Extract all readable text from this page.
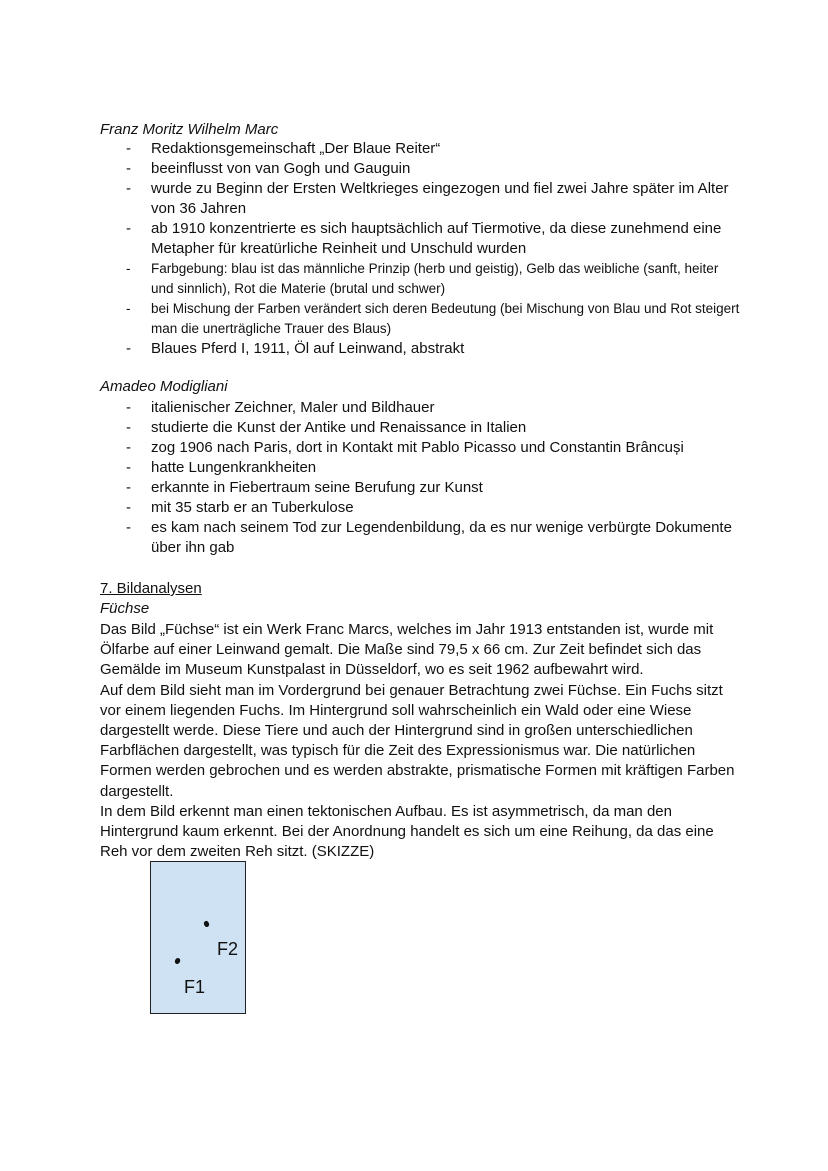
Franz Moritz Wilhelm Marc
- Redaktionsgemeinschaft „Der Blaue Reiter“
- beeinflusst von van Gogh und Gauguin
- wurde zu Beginn der Ersten Weltkrieges eingezogen und fiel zwei Jahre später im Alter von 36 Jahren
- ab 1910 konzentrierte es sich hauptsächlich auf Tiermotive, da diese zunehmend eine Metapher für kreatürliche Reinheit und Unschuld wurden
- Farbgebung: blau ist das männliche Prinzip (herb und geistig), Gelb das weibliche (sanft, heiter und sinnlich), Rot die Materie (brutal und schwer)
- bei Mischung der Farben verändert sich deren Bedeutung (bei Mischung von Blau und Rot steigert man die unerträgliche Trauer des Blaus)
- Blaues Pferd I, 1911, Öl auf Leinwand, abstrakt
Amadeo Modigliani
- italienischer Zeichner, Maler und Bildhauer
- studierte die Kunst der Antike und Renaissance in Italien
- zog 1906 nach Paris, dort in Kontakt mit Pablo Picasso und Constantin Brâncuși
- hatte Lungenkrankheiten
- erkannte in Fiebertraum seine Berufung zur Kunst
- mit 35 starb er an Tuberkulose
- es kam nach seinem Tod zur Legendenbildung, da es nur wenige verbürgte Dokumente über ihn gab
7. Bildanalysen
Füchse

Das Bild „Füchse“ ist ein Werk Franc Marcs, welches im Jahr 1913 entstanden ist, wurde mit Ölfarbe auf einer Leinwand gemalt. Die Maße sind 79,5 x 66 cm. Zur Zeit befindet sich das Gemälde im Museum Kunstpalast in Düsseldorf, wo es seit 1962 aufbewahrt wird.

Auf dem Bild sieht man im Vordergrund bei genauer Betrachtung zwei Füchse. Ein Fuchs sitzt vor einem liegenden Fuchs. Im Hintergrund soll wahrscheinlich ein Wald oder eine Wiese dargestellt werde. Diese Tiere und auch der Hintergrund sind in großen unterschiedlichen Farbflächen dargestellt, was typisch für die Zeit des Expressionismus war. Die natürlichen Formen werden gebrochen und es werden abstrakte, prismatische Formen mit kräftigen Farben dargestellt.

In dem Bild erkennt man einen tektonischen Aufbau. Es ist asymmetrisch, da man den Hintergrund kaum erkennt. Bei der Anordnung handelt es sich um eine Reihung, da das eine Reh vor dem zweiten Reh sitzt. (SKIZZE)

F2
F1
